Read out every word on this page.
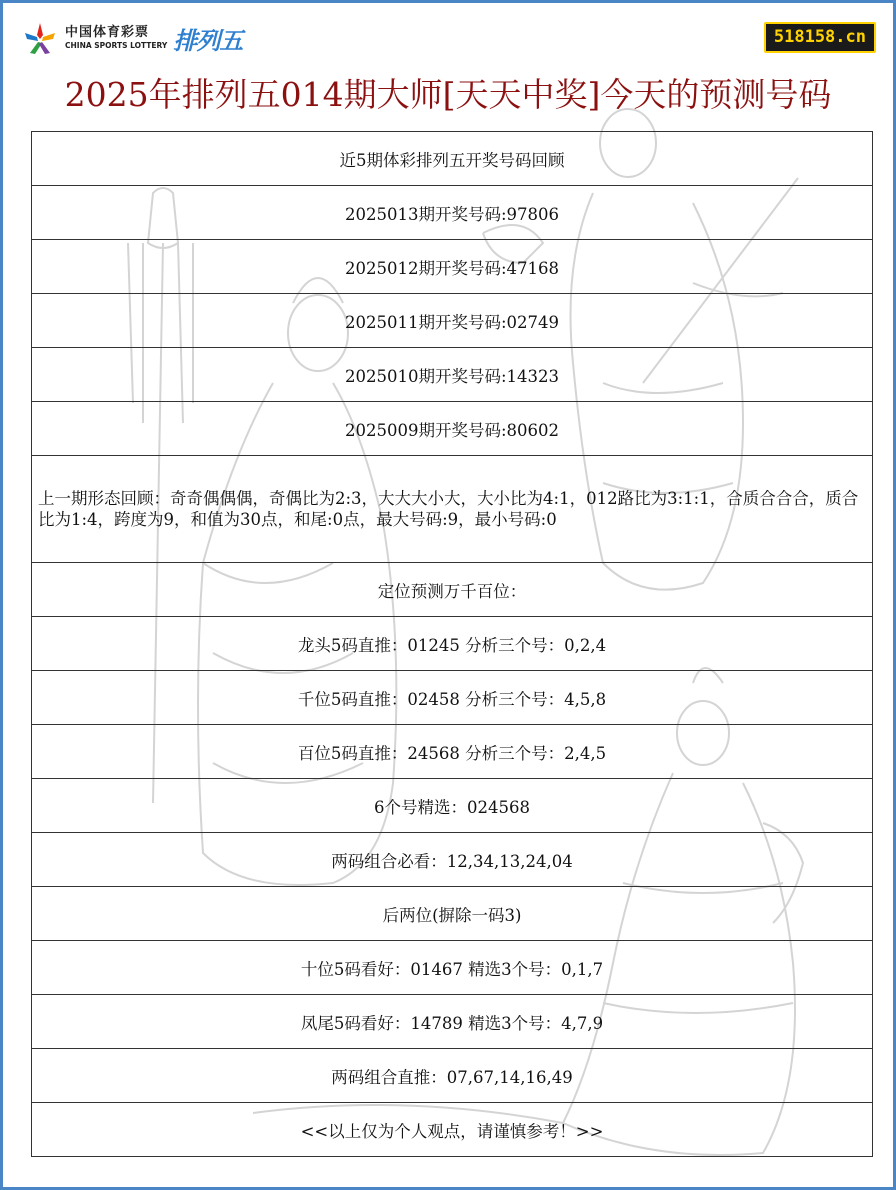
中国体育彩票
CHINA SPORTS LOTTERY 排列五	518158.cn
2025年排列五014期大师[天天中奖]今天的预测号码
近5期体彩排列五开奖号码回顾
2025013期开奖号码:97806
2025012期开奖号码:47168
2025011期开奖号码:02749
2025010期开奖号码:14323
2025009期开奖号码:80602
上一期形态回顾：奇奇偶偶偶，奇偶比为2:3，大大大小大，大小比为4:1，012路比为3:1:1，合质合合合，质合比为1:4，跨度为9，和值为30点，和尾:0点，最大号码:9，最小号码:0
定位预测万千百位：
龙头5码直推：01245 分析三个号：0,2,4
千位5码直推：02458 分析三个号：4,5,8
百位5码直推：24568 分析三个号：2,4,5
6个号精选：024568
两码组合必看：12,34,13,24,04
后两位(摒除一码3)
十位5码看好：01467 精选3个号：0,1,7
凤尾5码看好：14789 精选3个号：4,7,9
两码组合直推：07,67,14,16,49
<<以上仅为个人观点，请谨慎参考！>>
